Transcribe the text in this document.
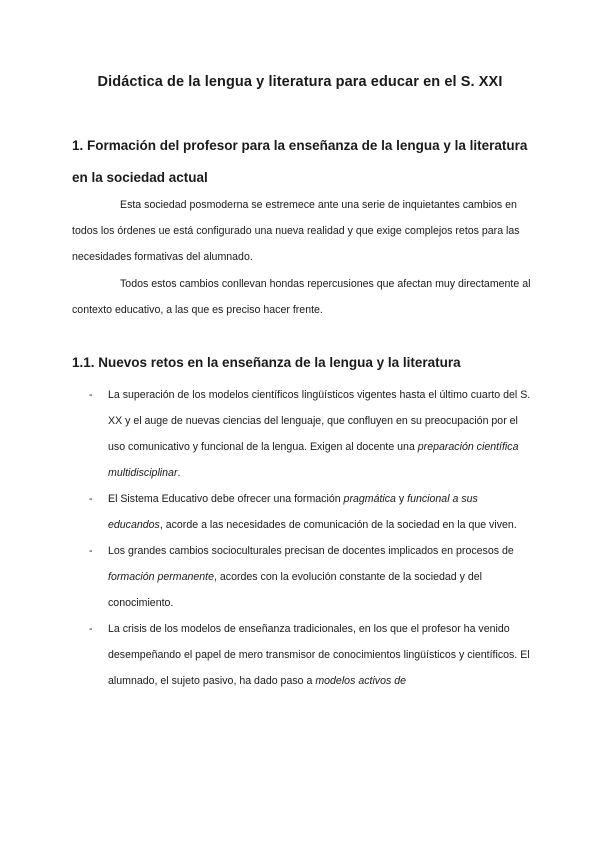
Didáctica de la lengua y literatura para educar en el S. XXI
1. Formación del profesor para la enseñanza de la lengua y la literatura
en la sociedad actual

Esta sociedad posmoderna se estremece ante una serie de inquietantes cambios en todos los órdenes ue está configurado una nueva realidad y que exige complejos retos para las necesidades formativas del alumnado.

Todos estos cambios conllevan hondas repercusiones que afectan muy directamente al contexto educativo, a las que es preciso hacer frente.

1.1. Nuevos retos en la enseñanza de la lengua y la literatura
- La superación de los modelos científicos lingüísticos vigentes hasta el último cuarto del S. XX y el auge de nuevas ciencias del lenguaje, que confluyen en su preocupación por el uso comunicativo y funcional de la lengua. Exigen al docente una preparación científica multidisciplinar.
- El Sistema Educativo debe ofrecer una formación pragmática y funcional a sus educandos, acorde a las necesidades de comunicación de la sociedad en la que viven.
- Los grandes cambios socioculturales precisan de docentes implicados en procesos de formación permanente, acordes con la evolución constante de la sociedad y del conocimiento.
- La crisis de los modelos de enseñanza tradicionales, en los que el profesor ha venido desempeñando el papel de mero transmisor de conocimientos lingüísticos y científicos. El alumnado, el sujeto pasivo, ha dado paso a modelos activos de
